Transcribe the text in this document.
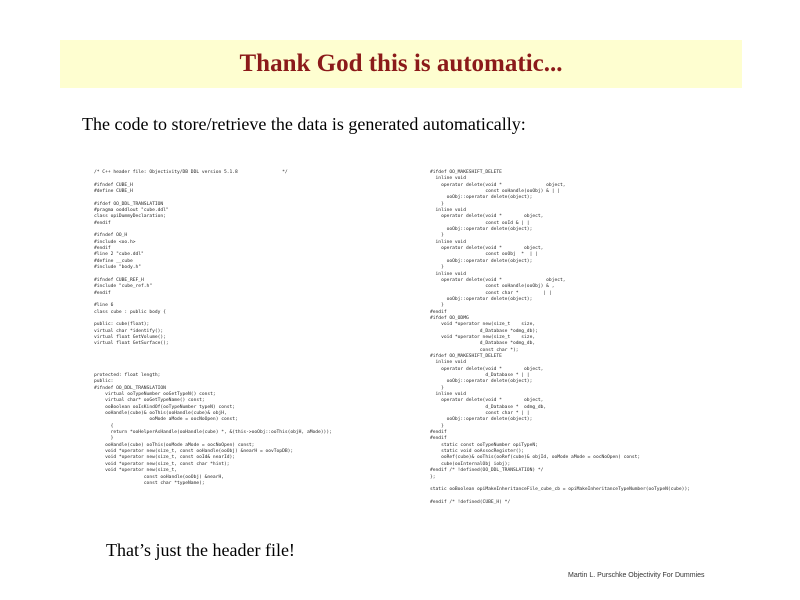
Thank God this is automatic...
The code to store/retrieve the data is generated automatically:
/* C++ header file: Objectivity/DB DDL version 5.1.8                */
#ifndef CUBE_H
#define CUBE_H
#ifdef OO_DDL_TRANSLATION
#pragma ooddlout "cube.ddl"
class opiDummyDeclaration;
#endif
#ifndef OO_H
#include <oo.h>
#endif
#line 2 "cube.ddl"
#define __cube
#include "body.h"
#ifndef CUBE_REF_H
#include "cube_ref.h"
#endif
#line 6
class cube : public body {
public: cube(float);
virtual char *identify();
virtual float GetVolume();
virtual float GetSurface();
protected: float length;
public:
#ifndef OO_DDL_TRANSLATION
virtual ooTypeNumber ooGetTypeN() const;
virtual char* ooGetTypeName() const;
ooBoolean ooIsKindOf(ooTypeNumber typeN) const;
ooHandle(cube)& ooThis(ooHandle(cube)& objH,
ooMode aMode = oocNoOpen) const;
{
return *ooHelperAsHandle(ooHandle(cube) *, &(this->ooObj::ooThis(objH, aMode)));
}
ooHandle(cube) ooThis(ooMode aMode = oocNoOpen) const;
void *operator new(size_t, const ooHandle(ooObj) &nearH = oovTopDB);
void *operator new(size_t, const ooId& nearId);
void *operator new(size_t, const char *hint);
void *operator new(size_t,
const ooHandle(ooObj) &nearH,
const char *typeName);
#ifdef OO_MAKESHIFT_DELETE
inline void
operator delete(void *                object,
const ooHandle(ooObj) & | |
ooObj::operator delete(object);
}
inline void
operator delete(void *        object,
const ooId & | |
ooObj::operator delete(object);
}
inline void
operator delete(void *        object,
const ooObj  *  | |
ooObj::operator delete(object);
}
inline void
operator delete(void *                object,
const ooHandle(ooObj) & ,
const char *         | |
ooObj::operator delete(object);
}
#endif
#ifdef OO_ODMG
void *operator new(size_t    size,
d_Database *odmg_db);
void *operator new(size_t    size,
d_Database *odmg_db,
const char *);
#ifdef OO_MAKESHIFT_DELETE
inline void
operator delete(void *        object,
d_Database * | |
ooObj::operator delete(object);
}
inline void
operator delete(void *        object,
d_Database *  odmg_db,
const char * | |
ooObj::operator delete(object);
}
#endif
#endif
static const ooTypeNumber opiTypeN;
static void ooAssocRegister();
ooRef(cube)& ooThis(ooRef(cube)& objId, ooMode aMode = oocNoOpen) const;
cube(ooInternalObj iobj);
#endif /* !defined(OO_DDL_TRANSLATION) */
};
static ooBoolean opiMakeInheritanceFile_cube_cb = opiMakeInheritanceTypeNumber(ooTypeN(cube));
#endif /* !defined(CUBE_H) */
That’s just the header file!
Martin L. Purschke Objectivity For Dummies
